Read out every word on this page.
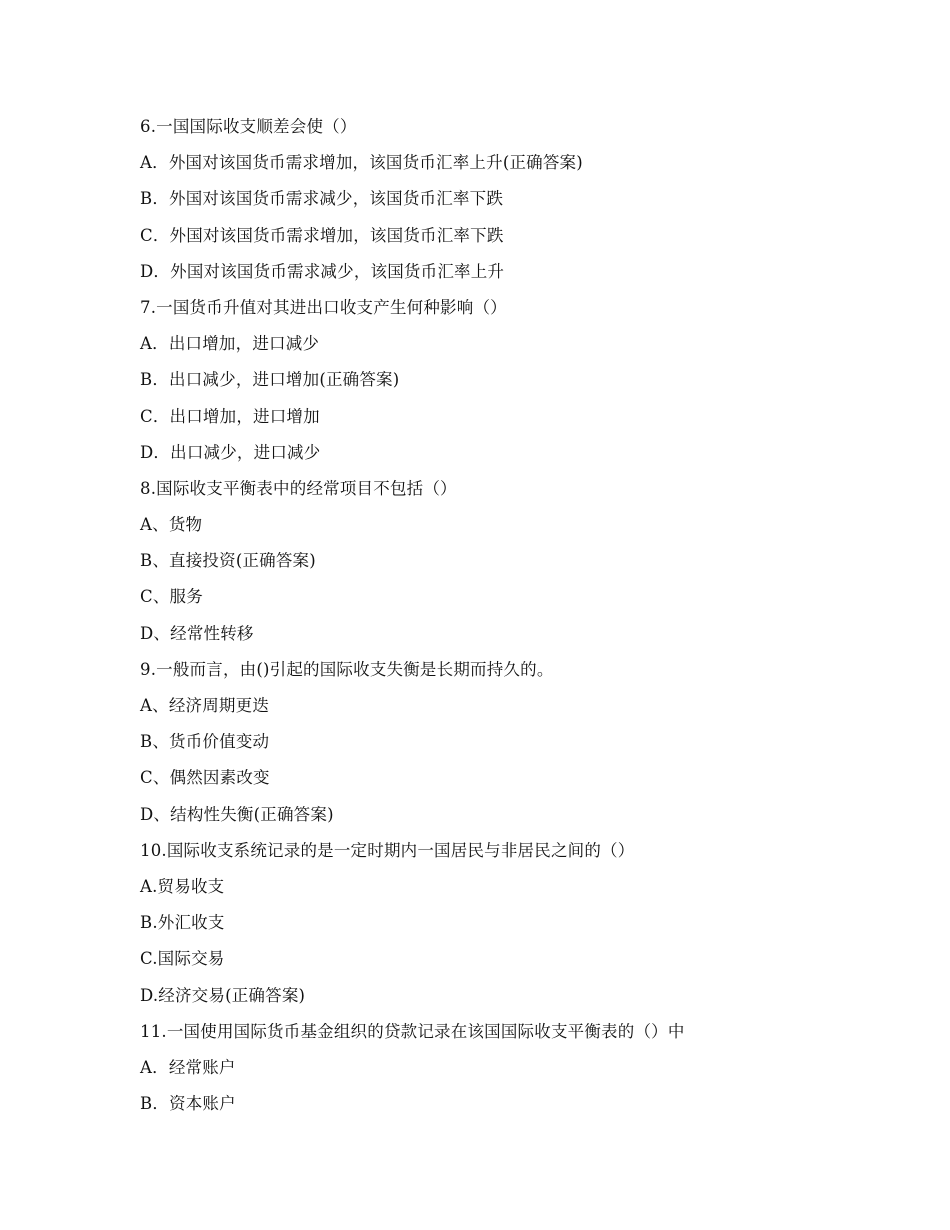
6.一国国际收支顺差会使（）
A．外国对该国货币需求增加，该国货币汇率上升(正确答案)
B．外国对该国货币需求减少，该国货币汇率下跌
C．外国对该国货币需求增加，该国货币汇率下跌
D．外国对该国货币需求减少，该国货币汇率上升
7.一国货币升值对其进出口收支产生何种影响（）
A．出口增加，进口减少
B．出口减少，进口增加(正确答案)
C．出口增加，进口增加
D．出口减少，进口减少
8.国际收支平衡表中的经常项目不包括（）
A、货物
B、直接投资(正确答案)
C、服务
D、经常性转移
9.一般而言，由()引起的国际收支失衡是长期而持久的。
A、经济周期更迭
B、货币价值变动
C、偶然因素改变
D、结构性失衡(正确答案)
10.国际收支系统记录的是一定时期内一国居民与非居民之间的（）
A.贸易收支
B.外汇收支
C.国际交易
D.经济交易(正确答案)
11.一国使用国际货币基金组织的贷款记录在该国国际收支平衡表的（）中
A．经常账户
B．资本账户
